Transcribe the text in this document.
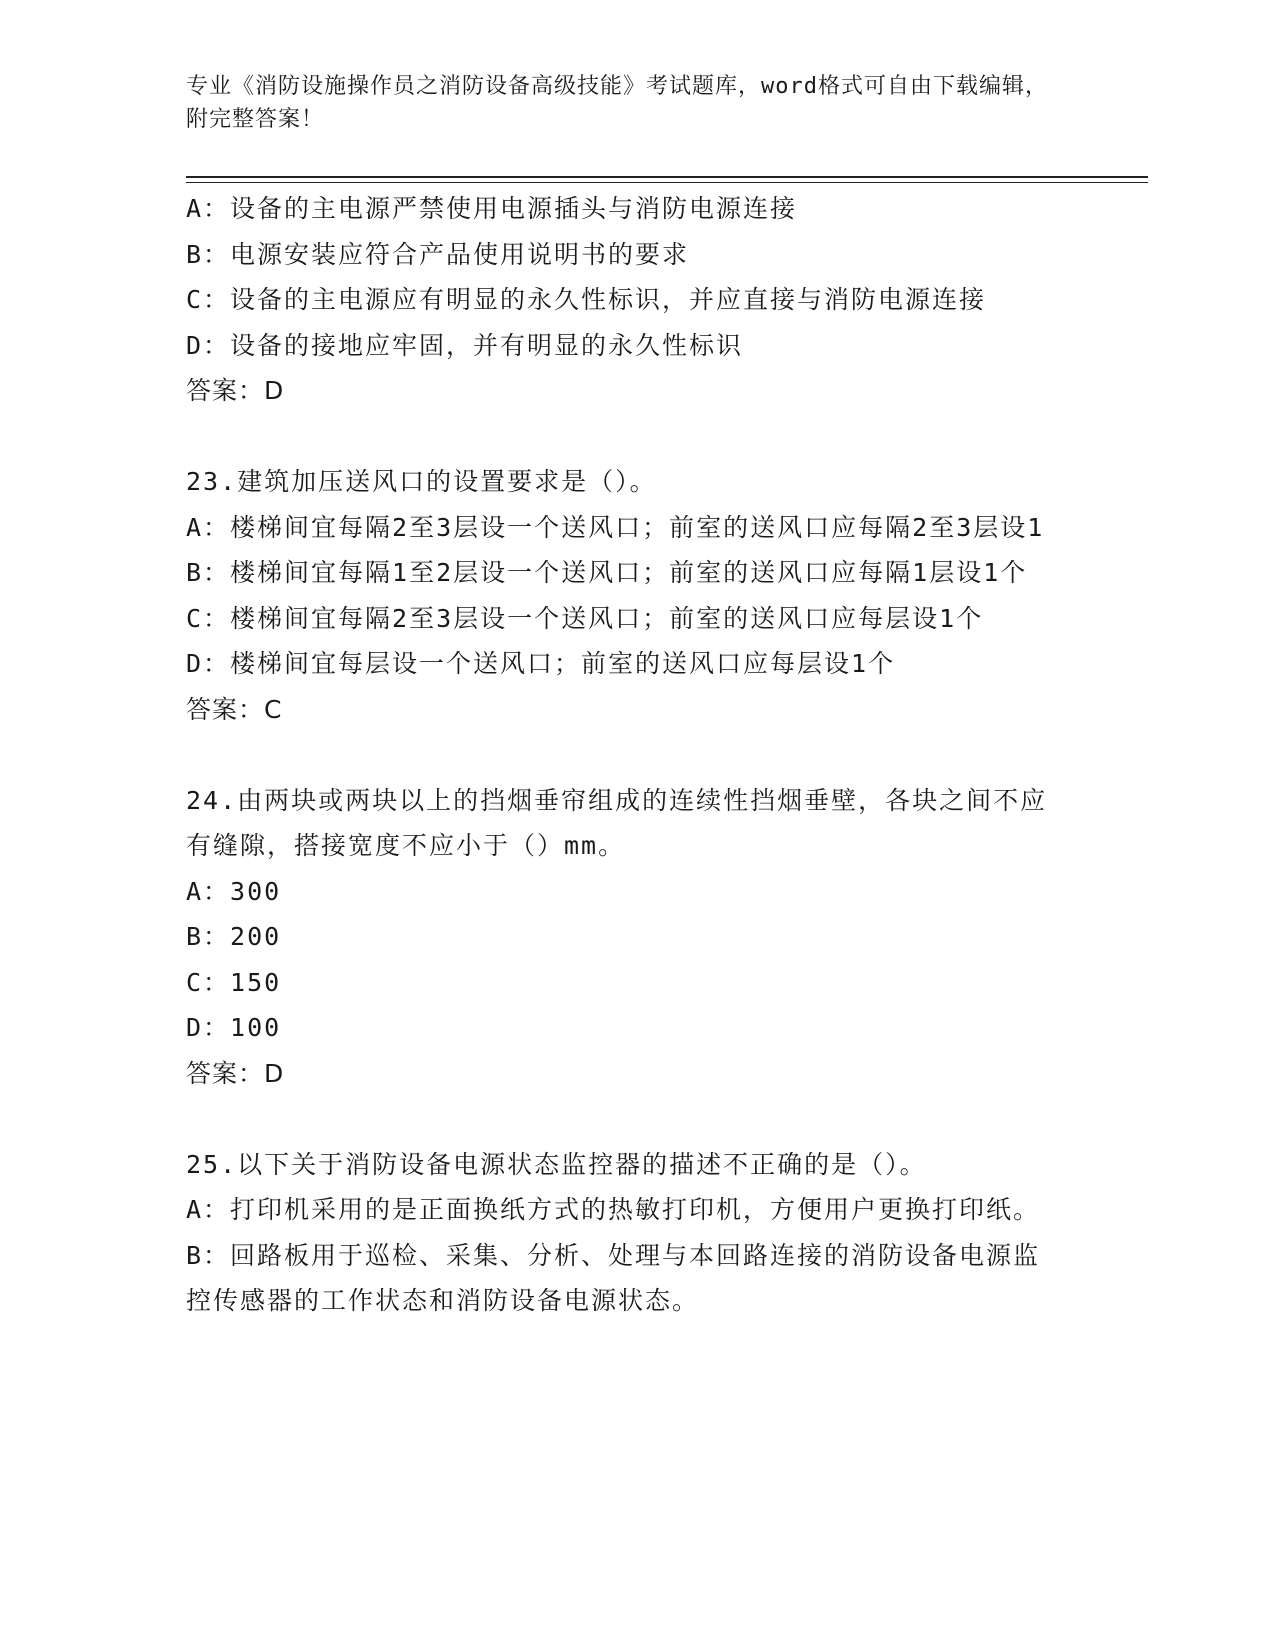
专业《消防设施操作员之消防设备高级技能》考试题库，word格式可自由下载编辑，附完整答案！
A：设备的主电源严禁使用电源插头与消防电源连接
B：电源安装应符合产品使用说明书的要求
C：设备的主电源应有明显的永久性标识，并应直接与消防电源连接
D：设备的接地应牢固，并有明显的永久性标识
答案：D
23.建筑加压送风口的设置要求是（）。
A：楼梯间宜每隔2至3层设一个送风口；前室的送风口应每隔2至3层设1
B：楼梯间宜每隔1至2层设一个送风口；前室的送风口应每隔1层设1个
C：楼梯间宜每隔2至3层设一个送风口；前室的送风口应每层设1个
D：楼梯间宜每层设一个送风口；前室的送风口应每层设1个
答案：C
24.由两块或两块以上的挡烟垂帘组成的连续性挡烟垂壁，各块之间不应有缝隙，搭接宽度不应小于（）mm。
A：300
B：200
C：150
D：100
答案：D
25.以下关于消防设备电源状态监控器的描述不正确的是（）。
A：打印机采用的是正面换纸方式的热敏打印机，方便用户更换打印纸。
B：回路板用于巡检、采集、分析、处理与本回路连接的消防设备电源监控传感器的工作状态和消防设备电源状态。
